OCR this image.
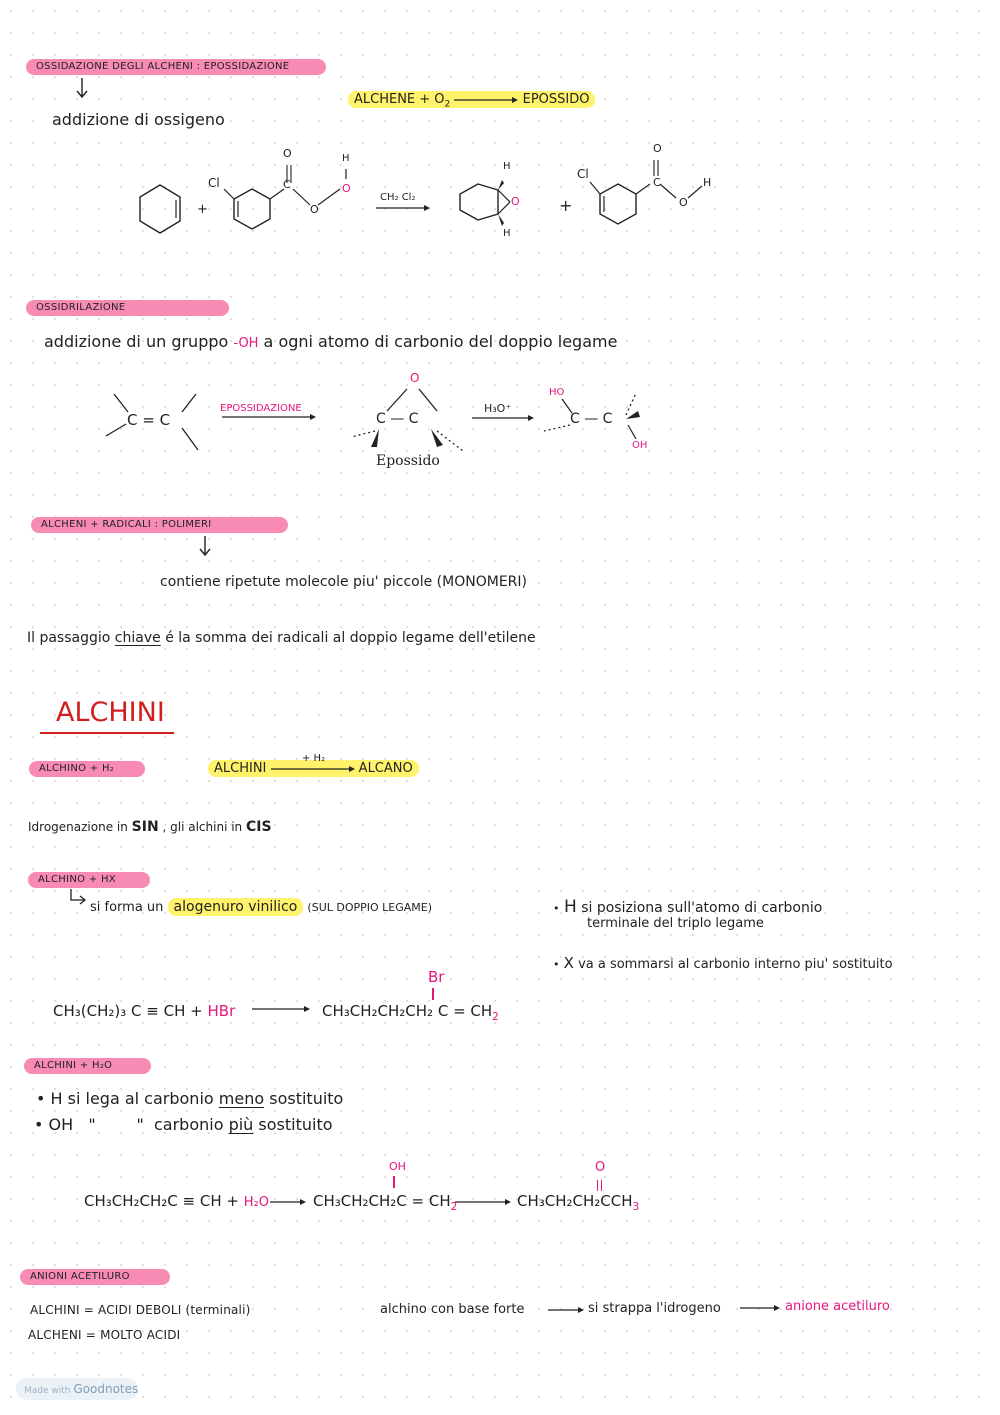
OSSIDAZIONE DEGLI ALCHENI : EPOSSIDAZIONE
addizione di ossigeno
ALCHENE + $O_2$	EPOSSIDO
+
Cl
O
C
O
H
O
CH₂ Cl₂
H
H
O +
Cl
O
C
O
H
OSSIDRILAZIONE
addizione di un gruppo -OH a ogni atomo di carbonio del doppio legame
C = C
EPOSSIDAZIONE
O
C — C
Epossido
H₃O⁺
HO
C — C
OH
ALCHENI + RADICALI : POLIMERI
contiene ripetute molecole piu' piccole (MONOMERI)
Il passaggio chiave é la somma dei radicali al doppio legame dell'etilene
ALCHINI
ALCHINO + H₂	ALCHINI	ALCANO
+ H₂
Idrogenazione in SIN , gli alchini in CIS
ALCHINO + HX
si forma un alogenuro vinilico (SUL DOPPIO LEGAME)	• H si posiziona sull'atomo di carbonio
terminale del triplo legame
• X va a sommarsi al carbonio interno piu' sostituito
CH₃(CH₂)₃ C ≡ CH + HBr	CH₃CH₂CH₂CH₂ $C = CH_2$
Br
ALCHINI + H₂O
• H si lega al carbonio meno sostituito
• OH   "        "  carbonio più sostituito
CH₃CH₂CH₂C ≡ CH + H₂O	$CH_3CH_2CH_2C = CH_2$
OH
$CH_3CH_2CH_2CCH_3$
O
ANIONI ACETILURO
ALCHINI = ACIDI DEBOLI (terminali)
ALCHENI = MOLTO ACIDI
alchino con base forte	si strappa l'idrogeno	anione acetiluro
Made with Goodnotes
